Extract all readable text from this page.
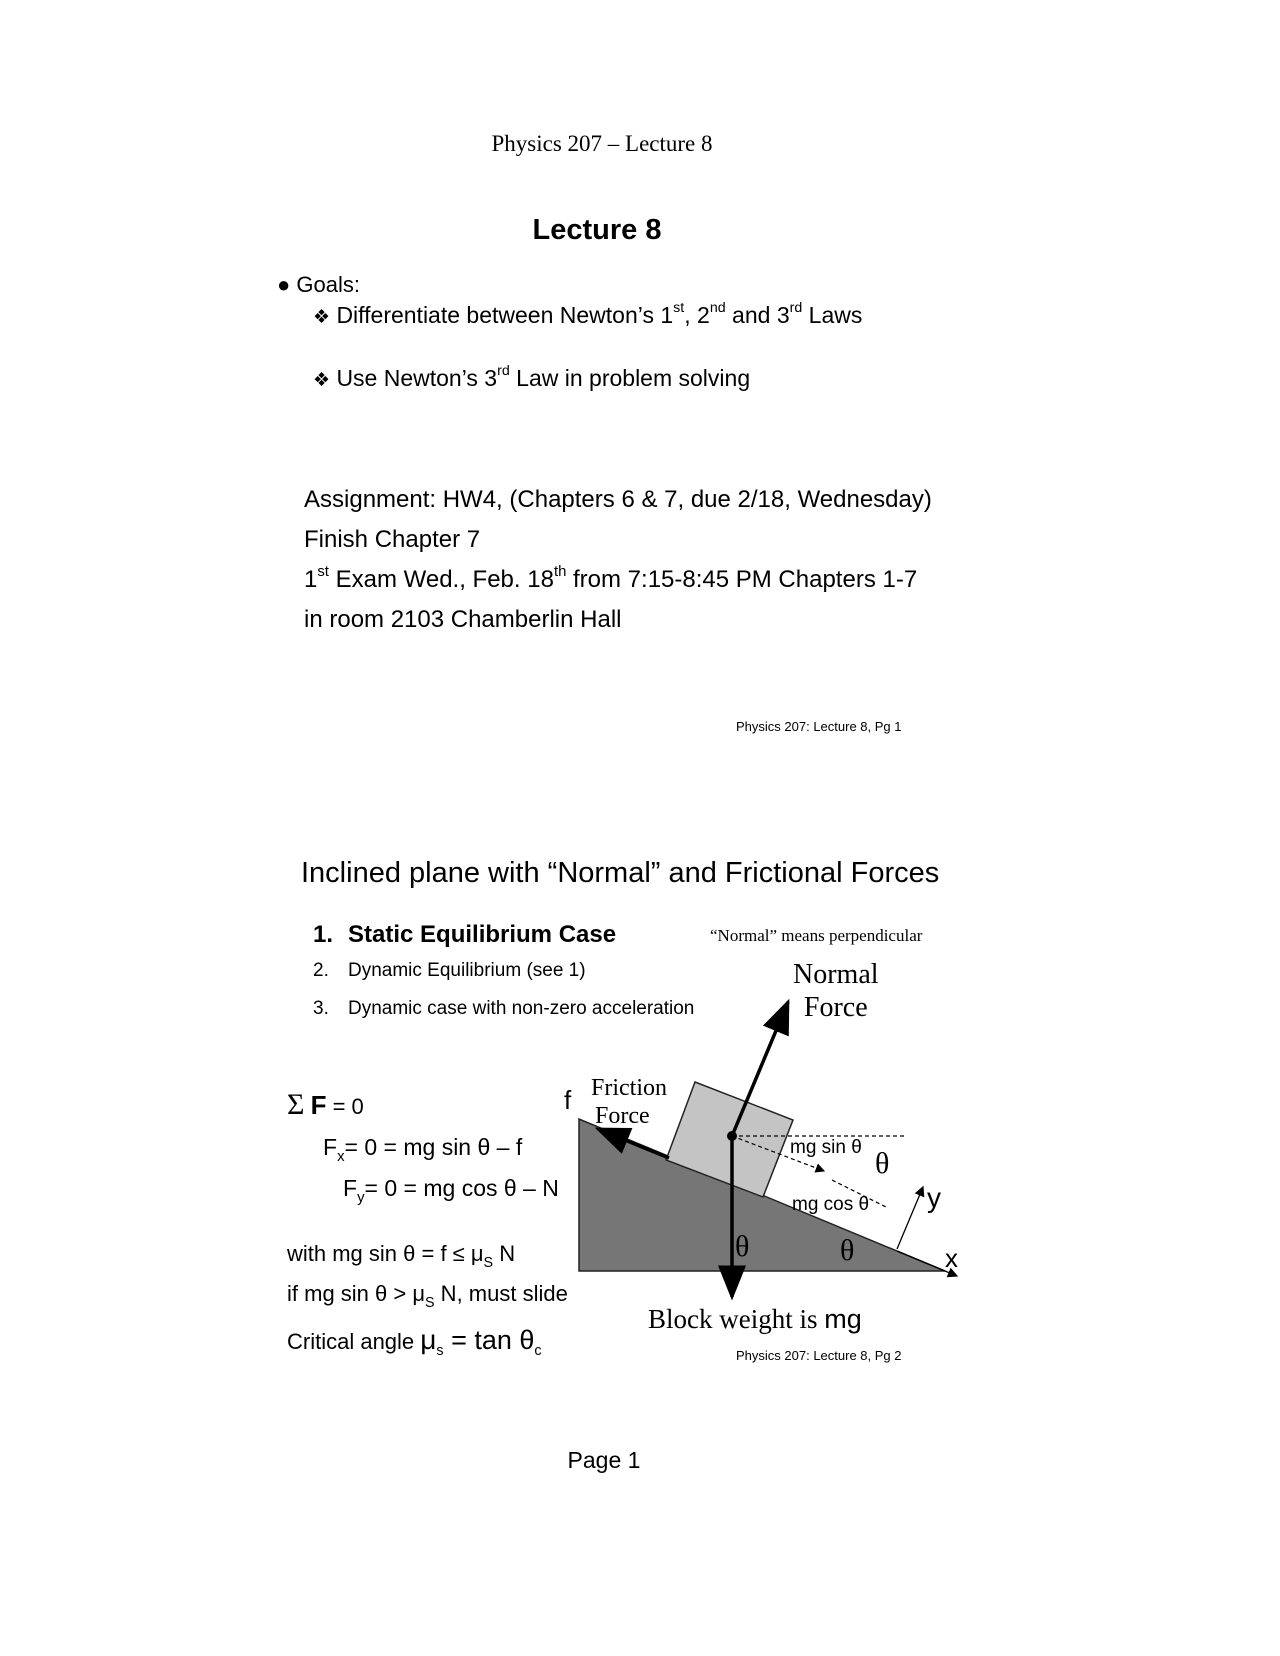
Physics 207 – Lecture 8
Lecture 8
● Goals:
❖ Differentiate between Newton’s 1st, 2nd and 3rd Laws
❖ Use Newton’s 3rd Law in problem solving
Assignment: HW4, (Chapters 6 & 7, due 2/18, Wednesday)
Finish Chapter 7
1st Exam Wed., Feb. 18th from 7:15-8:45 PM Chapters 1-7
in room 2103 Chamberlin Hall
Physics 207: Lecture 8, Pg 1
Inclined plane with “Normal” and Frictional Forces
1. Static Equilibrium Case
2. Dynamic Equilibrium (see 1)
3. Dynamic case with non-zero acceleration
“Normal” means perpendicular
Normal
Force
Friction
Force
f
mg sin θ θ
mg cos θ y
x
θ	θ
Block weight is mg
Σ F = 0
$F_x= 0$ = mg sin θ – f
$F_y= 0$ = mg cos θ – N
with mg $\sin \theta = f \le \mu_S$ N
if mg $\sin \theta > \mu_S$ N, must slide
Critical angle $\mu_s = \tan \theta_c$	Physics 207: Lecture 8, Pg 2
Page 1
